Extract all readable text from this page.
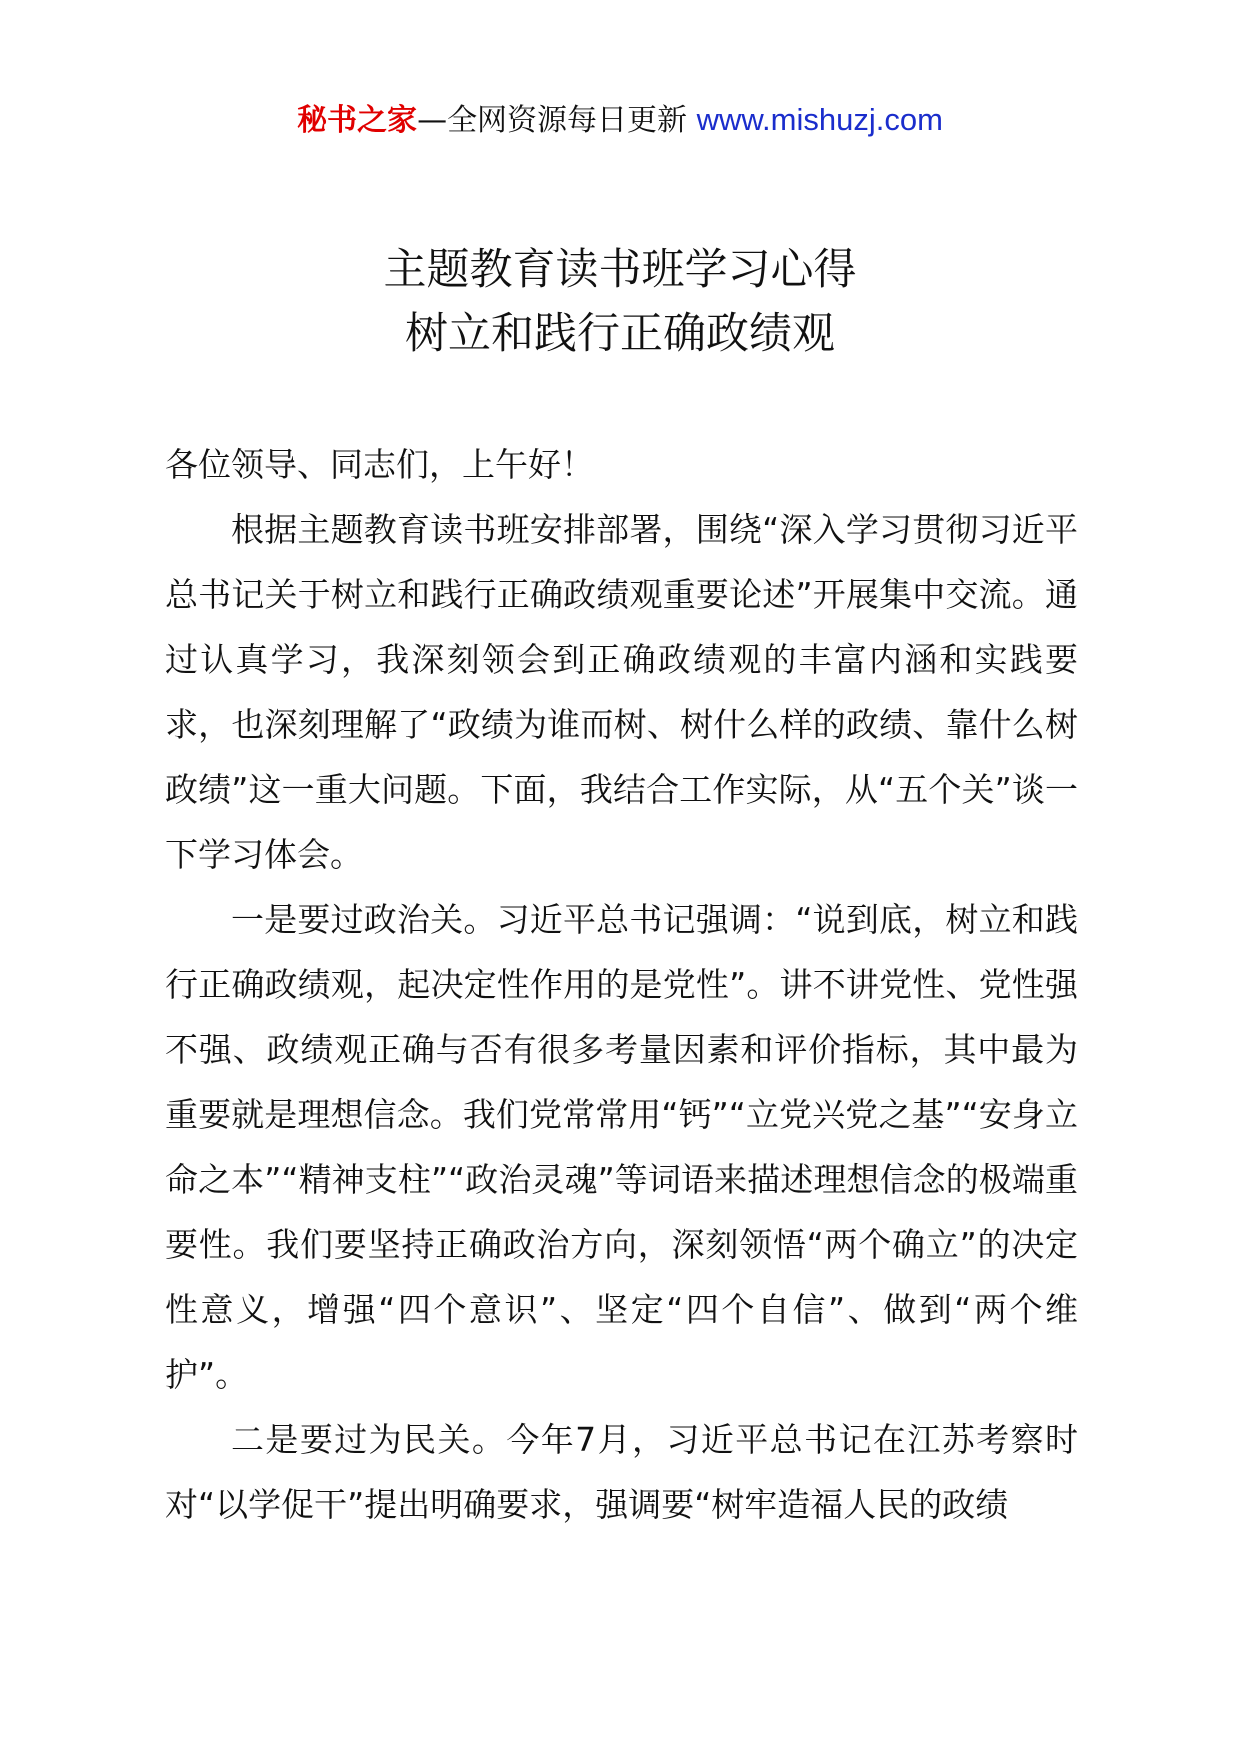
秘书之家—全网资源每日更新 www.mishuzj.com
主题教育读书班学习心得
树立和践行正确政绩观

各位领导、同志们，上午好！

根据主题教育读书班安排部署，围绕“深入学习贯彻习近平总书记关于树立和践行正确政绩观重要论述”开展集中交流。通过认真学习，我深刻领会到正确政绩观的丰富内涵和实践要求，也深刻理解了“政绩为谁而树、树什么样的政绩、靠什么树政绩”这一重大问题。下面，我结合工作实际，从“五个关”谈一下学习体会。

一是要过政治关。习近平总书记强调：“说到底，树立和践行正确政绩观，起决定性作用的是党性”。讲不讲党性、党性强不强、政绩观正确与否有很多考量因素和评价指标，其中最为重要就是理想信念。我们党常常用“钙”“立党兴党之基”“安身立命之本”“精神支柱”“政治灵魂”等词语来描述理想信念的极端重要性。我们要坚持正确政治方向，深刻领悟“两个确立”的决定性意义，增强“四个意识”、坚定“四个自信”、做到“两个维护”。

二是要过为民关。今年7月，习近平总书记在江苏考察时对“以学促干”提出明确要求，强调要“树牢造福人民的政绩
